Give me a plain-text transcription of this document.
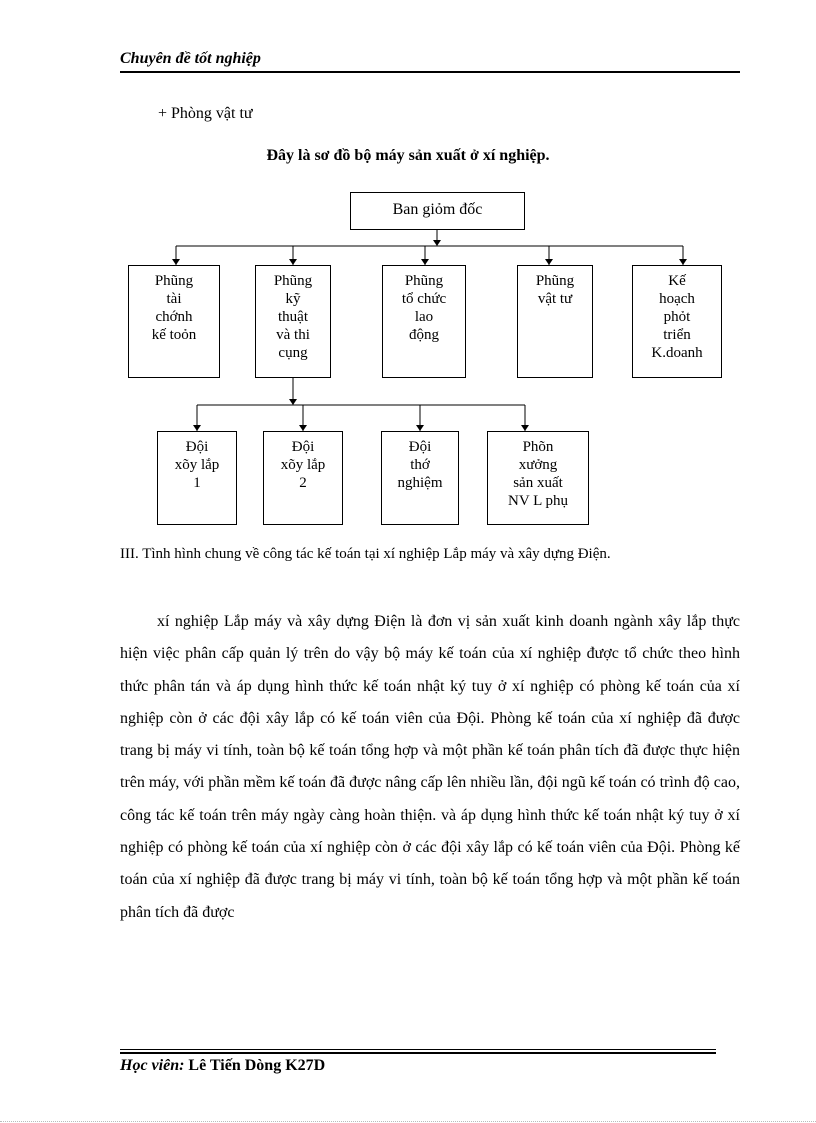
Chuyên đề tốt nghiệp
+ Phòng vật tư
Đây là sơ đồ bộ máy sản xuất ở xí nghiệp.
Ban giỏm đốc
Phũng
tài
chớnh
kế toỏn
Phũng
kỹ
thuật
và thi
cụng
Phũng
tổ chức
lao
động
Phũng
vật tư
Kế
hoạch
phỏt
triển
K.doanh
Đội
xõy lắp
1
Đội
xõy lắp
2
Đội
thớ
nghiệm
Phõn
xưởng
sản xuất
NV L phụ
III. Tình hình chung về công tác kế toán tại xí nghiệp Lắp máy và xây dựng Điện.
xí nghiệp Lắp máy và xây dựng Điện là đơn vị sản xuất kinh doanh ngành xây lắp thực hiện việc phân cấp quản lý trên do vậy bộ máy kế toán của xí nghiệp được tổ chức theo hình thức phân tán và áp dụng hình thức kế toán nhật ký tuy ở xí nghiệp có phòng kế toán của xí nghiệp còn ở các đội xây lắp có kế toán viên của Đội. Phòng kế toán của xí nghiệp đã được trang bị máy vi tính, toàn bộ kế toán tổng hợp và một phần kế toán phân tích đã được thực hiện trên máy, với phần mềm kế toán đã được nâng cấp lên nhiều lần, đội ngũ kế toán có trình độ cao, công tác kế toán trên máy ngày càng hoàn thiện. và áp dụng hình thức kế toán nhật ký tuy ở xí nghiệp có phòng kế toán của xí nghiệp còn ở các đội xây lắp có kế toán viên của Đội. Phòng kế toán của xí nghiệp đã được trang bị máy vi tính, toàn bộ kế toán tổng hợp và một phần kế toán phân tích đã được
Học viên: Lê Tiến Dòng K27D
